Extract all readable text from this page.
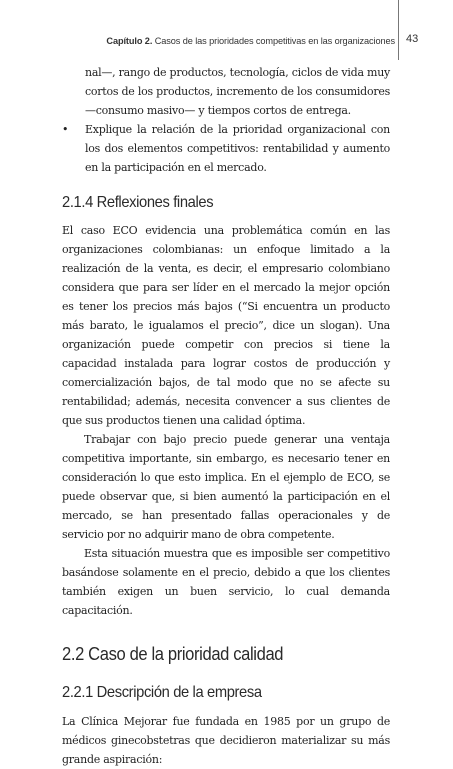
Capítulo 2. Casos de las prioridades competitivas en las organizaciones 43

nal—, rango de productos, tecnología, ciclos de vida muy cortos de los productos, incremento de los consumidores —consumo masivo— y tiempos cortos de entrega.

• Explique la relación de la prioridad organizacional con los dos elementos competitivos: rentabilidad y aumento en la participación en el mercado.

2.1.4 Reflexiones finales

El caso ECO evidencia una problemática común en las organizaciones colombianas: un enfoque limitado a la realización de la venta, es decir, el empresario colombiano considera que para ser líder en el mercado la mejor opción es tener los precios más bajos (“Si encuentra un producto más barato, le igualamos el precio”, dice un slogan). Una organización puede competir con precios si tiene la capacidad instalada para lograr costos de producción y comercialización bajos, de tal modo que no se afecte su rentabilidad; además, necesita convencer a sus clientes de que sus productos tienen una calidad óptima.

Trabajar con bajo precio puede generar una ventaja competitiva importante, sin embargo, es necesario tener en consideración lo que esto implica. En el ejemplo de ECO, se puede observar que, si bien aumentó la participación en el mercado, se han presentado fallas operacionales y de servicio por no adquirir mano de obra competente.

Esta situación muestra que es imposible ser competitivo basándose solamente en el precio, debido a que los clientes también exigen un buen servicio, lo cual demanda capacitación.

2.2 Caso de la prioridad calidad
2.2.1 Descripción de la empresa

La Clínica Mejorar fue fundada en 1985 por un grupo de médicos ginecobstetras que decidieron materializar su más grande aspiración:
